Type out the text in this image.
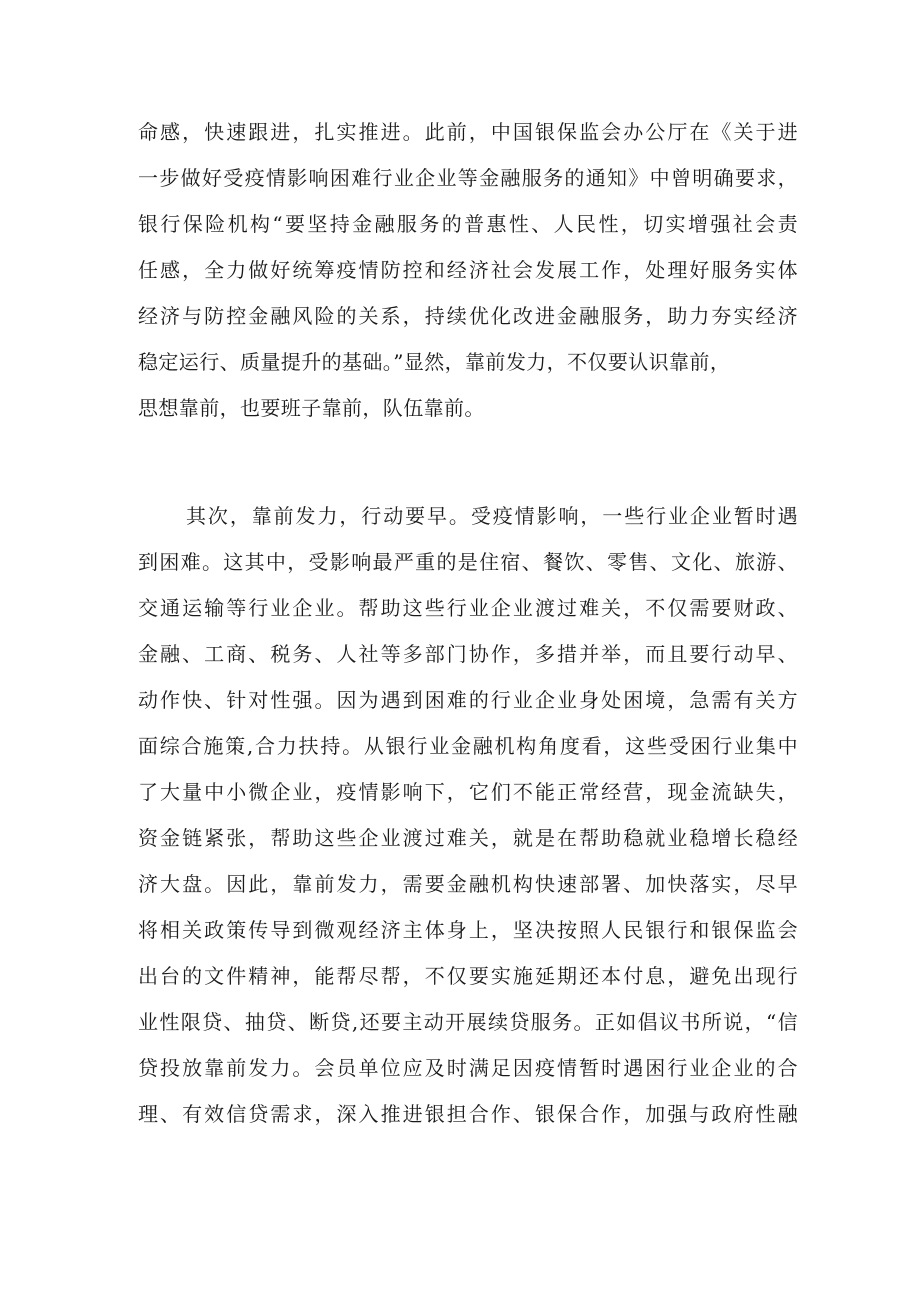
命感，快速跟进，扎实推进。此前，中国银保监会办公厅在《关于进

一步做好受疫情影响困难行业企业等金融服务的通知》中曾明确要求，

银行保险机构“要坚持金融服务的普惠性、人民性，切实增强社会责

任感，全力做好统筹疫情防控和经济社会发展工作，处理好服务实体

经济与防控金融风险的关系，持续优化改进金融服务，助力夯实经济

稳定运行、质量提升的基础。”显然，靠前发力，不仅要认识靠前，

思想靠前，也要班子靠前，队伍靠前。

其次，靠前发力，行动要早。受疫情影响，一些行业企业暂时遇

到困难。这其中，受影响最严重的是住宿、餐饮、零售、文化、旅游、

交通运输等行业企业。帮助这些行业企业渡过难关，不仅需要财政、

金融、工商、税务、人社等多部门协作，多措并举，而且要行动早、

动作快、针对性强。因为遇到困难的行业企业身处困境，急需有关方

面综合施策,合力扶持。从银行业金融机构角度看，这些受困行业集中

了大量中小微企业，疫情影响下，它们不能正常经营，现金流缺失，

资金链紧张，帮助这些企业渡过难关，就是在帮助稳就业稳增长稳经

济大盘。因此，靠前发力，需要金融机构快速部署、加快落实，尽早

将相关政策传导到微观经济主体身上，坚决按照人民银行和银保监会

出台的文件精神，能帮尽帮，不仅要实施延期还本付息，避免出现行

业性限贷、抽贷、断贷,还要主动开展续贷服务。正如倡议书所说，“信

贷投放靠前发力。会员单位应及时满足因疫情暂时遇困行业企业的合

理、有效信贷需求，深入推进银担合作、银保合作，加强与政府性融
